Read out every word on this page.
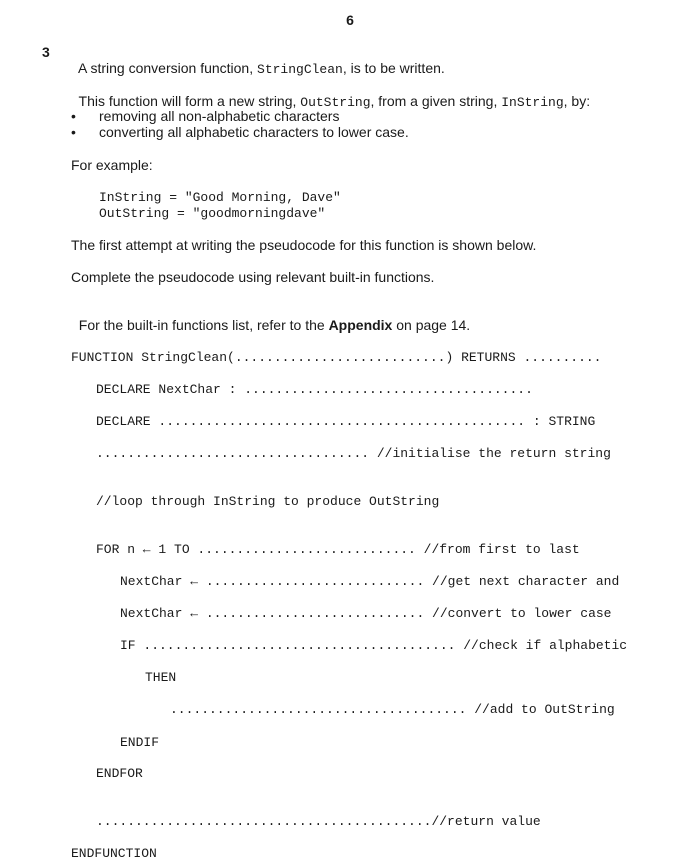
6
3

A string conversion function, StringClean, is to be written.

This function will form a new string, OutString, from a given string, InString, by:

• removing all non-alphabetic characters
• converting all alphabetic characters to lower case.
For example:
InString = "Good Morning, Dave"
OutString = "goodmorningdave"
The first attempt at writing the pseudocode for this function is shown below.
Complete the pseudocode using relevant built-in functions.

For the built-in functions list, refer to the Appendix on page 14.

FUNCTION StringClean(...........................) RETURNS ..........
DECLARE NextChar : .....................................
DECLARE ............................................... : STRING
................................... //initialise the return string
//loop through InString to produce OutString
FOR n ← 1 TO ............................ //from first to last
NextChar ← ............................ //get next character and
NextChar ← ............................ //convert to lower case
IF ........................................ //check if alphabetic
THEN
...................................... //add to OutString
ENDIF
ENDFOR
...........................................//return value
ENDFUNCTION
